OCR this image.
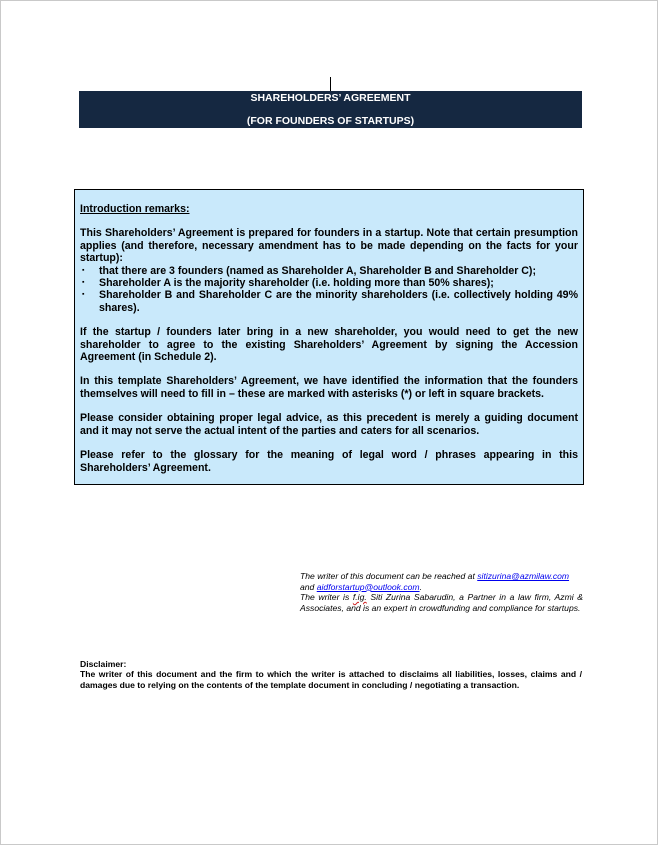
SHAREHOLDERS’ AGREEMENT
(FOR FOUNDERS OF STARTUPS)
Introduction remarks:

This Shareholders’ Agreement is prepared for founders in a startup. Note that certain presumption applies (and therefore, necessary amendment has to be made depending on the facts for your startup):

▪ that there are 3 founders (named as Shareholder A, Shareholder B and Shareholder C);
▪ Shareholder A is the majority shareholder (i.e. holding more than 50% shares);
▪ Shareholder B and Shareholder C are the minority shareholders (i.e. collectively holding 49% shares).

If the startup / founders later bring in a new shareholder, you would need to get the new shareholder to agree to the existing Shareholders’ Agreement by signing the Accession Agreement (in Schedule 2).

In this template Shareholders’ Agreement, we have identified the information that the founders themselves will need to fill in – these are marked with asterisks (*) or left in square brackets.

Please consider obtaining proper legal advice, as this precedent is merely a guiding document and it may not serve the actual intent of the parties and caters for all scenarios.

Please refer to the glossary for the meaning of legal word / phrases appearing in this Shareholders’ Agreement.

The writer of this document can be reached at sitizurina@azmilaw.com
and aidforstartup@outlook.com.
The writer is f.ig. Siti Zurina Sabarudin, a Partner in a law firm, Azmi & Associates, and is an expert in crowdfunding and compliance for startups.
Disclaimer:
The writer of this document and the firm to which the writer is attached to disclaims all liabilities, losses, claims and / damages due to relying on the contents of the template document in concluding / negotiating a transaction.
